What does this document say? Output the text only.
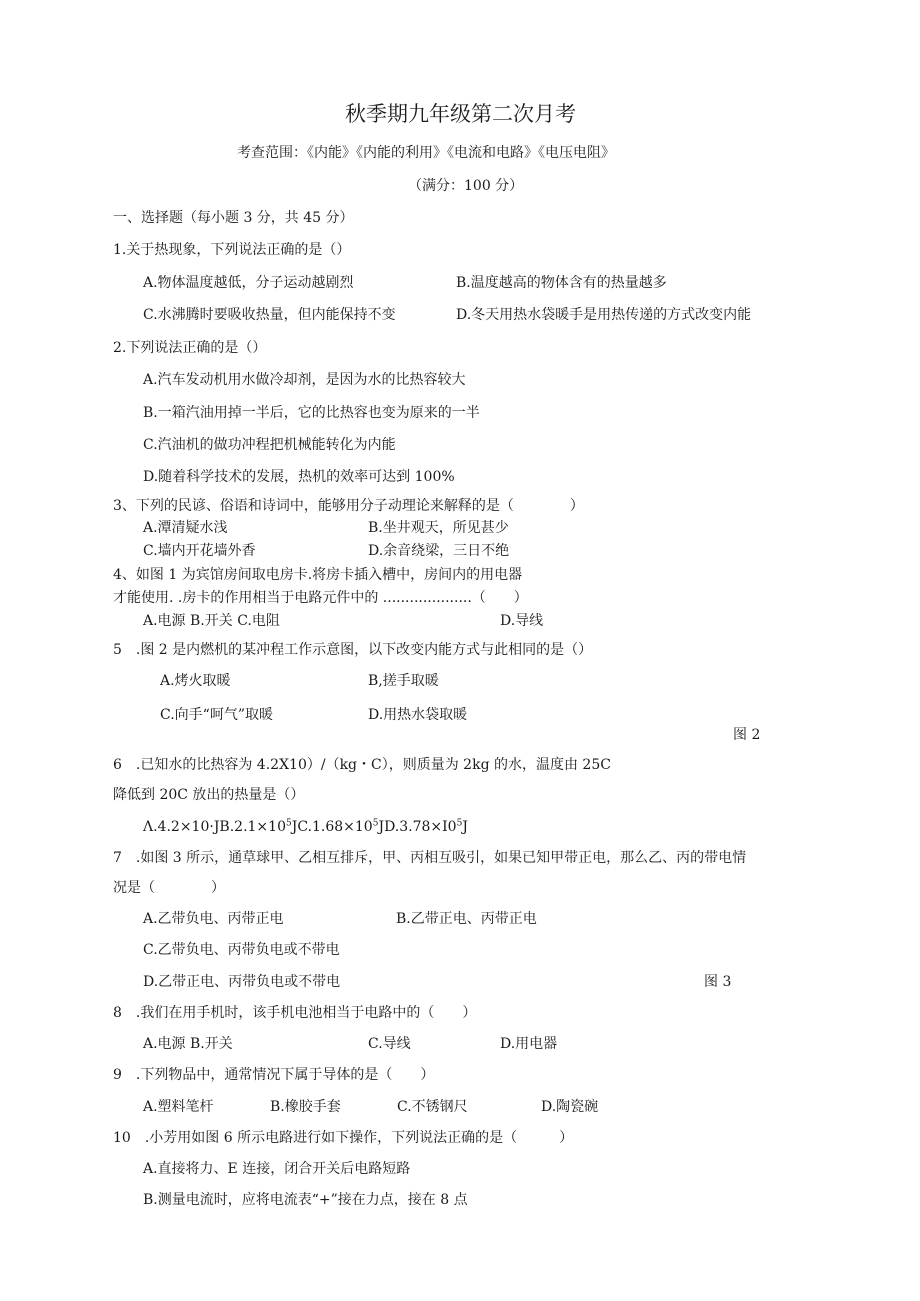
秋季期九年级第二次月考
考查范围：《内能》《内能的利用》《电流和电路》《电压电阻》
（满分：100 分）
一、选择题（每小题 3 分，共 45 分）
1.关于热现象，下列说法正确的是（）
A.物体温度越低，分子运动越剧烈	B.温度越高的物体含有的热量越多
C.水沸腾时要吸收热量，但内能保持不变	D.冬天用热水袋暖手是用热传递的方式改变内能
2.下列说法正确的是（）
A.汽车发动机用水做冷却剂，是因为水的比热容较大
B.一箱汽油用掉一半后，它的比热容也变为原来的一半
C.汽油机的做功冲程把机械能转化为内能
D.随着科学技术的发展，热机的效率可达到 100%
3、下列的民谚、俗语和诗词中，能够用分子动理论来解释的是（　　　　）
A.潭清疑水浅	B.坐井观天，所见甚少
C.墙内开花墙外香	D.余音绕梁，三日不绝
4、如图 1 为宾馆房间取电房卡.将房卡插入槽中，房间内的用电器
才能使用. .房卡的作用相当于电路元件中的 ....................（　　）
A.电源 B.开关 C.电阻	D.导线
5　.图 2 是内燃机的某冲程工作示意图，以下改变内能方式与此相同的是（）
A.烤火取暖	B,搓手取暖
C.向手“呵气”取暖	D.用热水袋取暖
图 2
6　.已知水的比热容为 4.2X10）/（kg・C），则质量为 2kg 的水，温度由 25C
降低到 20C 放出的热量是（）
$\Lambda.4.2\times 10\cdot JB.2.1\times 10^5JC.1.68\times 10^5JD.3.78\times I0^5J$
7　.如图 3 所示，通草球甲、乙相互排斥，甲、丙相互吸引，如果已知甲带正电，那么乙、丙的带电情
况是（　　　　）
A.乙带负电、丙带正电	B.乙带正电、丙带正电
C.乙带负电、丙带负电或不带电
D.乙带正电、丙带负电或不带电	图 3
8　.我们在用手机时，该手机电池相当于电路中的（　　）
A.电源 B.开关	C.导线	D.用电器
9　.下列物品中，通常情况下属于导体的是（　　）
A.塑料笔杆	B.橡胶手套	C.不锈钢尺	D.陶瓷碗
10　.小芳用如图 6 所示电路进行如下操作，下列说法正确的是（　　　）
A.直接将力、E 连接，闭合开关后电路短路
B.测量电流时，应将电流表“+”接在力点，接在 8 点
